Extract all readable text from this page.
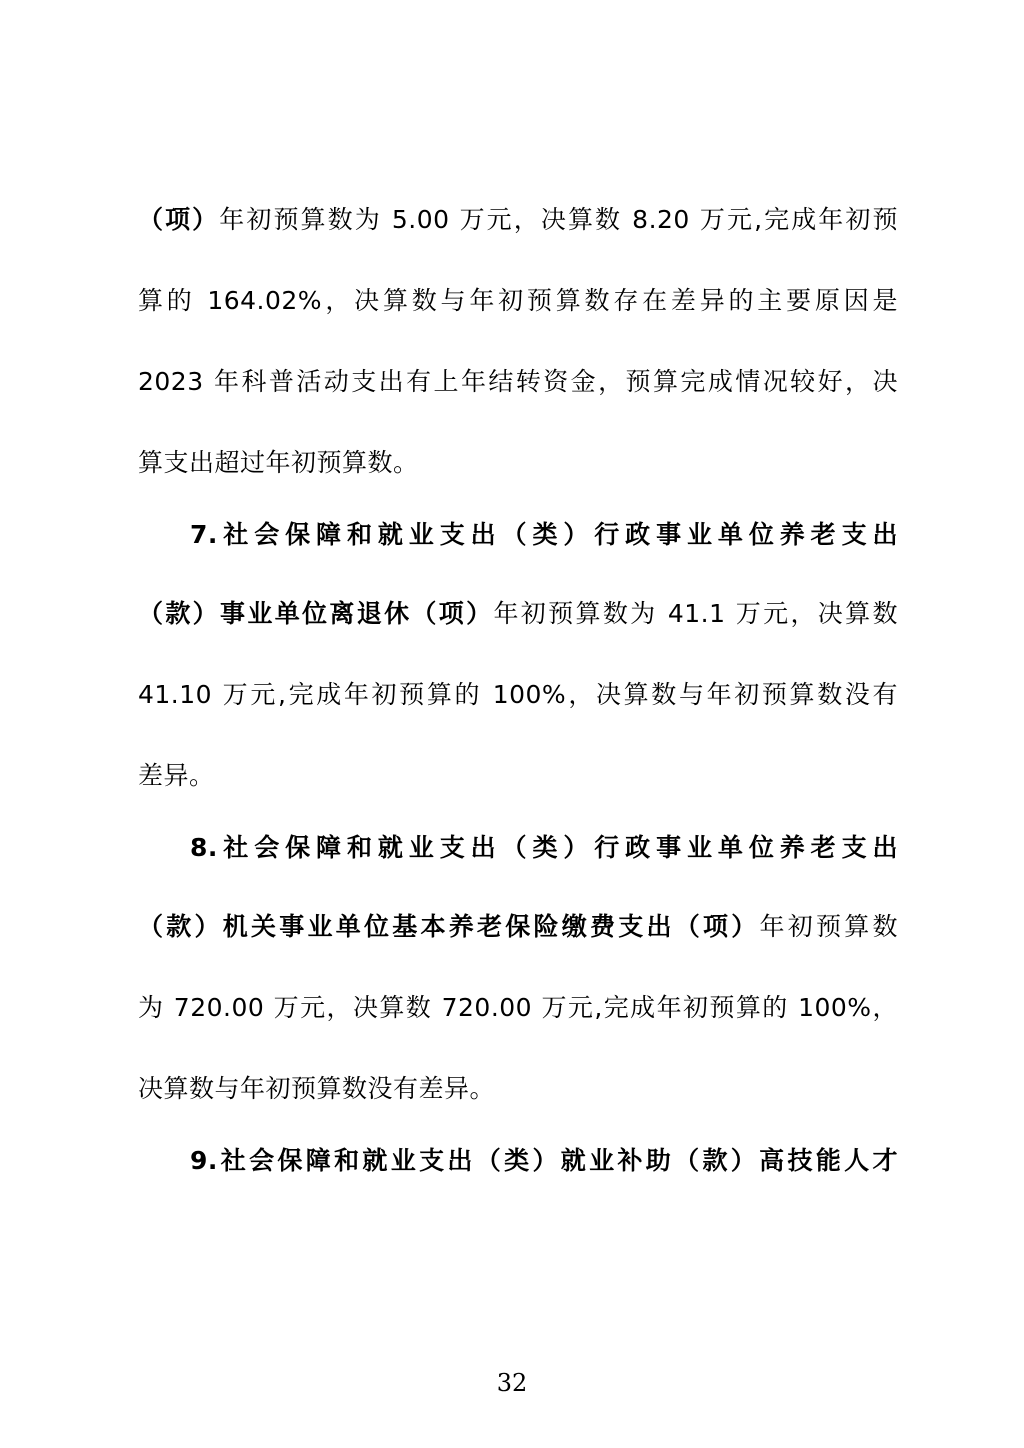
（项）年初预算数为 5.00 万元，决算数 8.20 万元,完成年初预
算的 164.02%，决算数与年初预算数存在差异的主要原因是
2023 年科普活动支出有上年结转资金，预算完成情况较好，决
算支出超过年初预算数。
7.社会保障和就业支出（类）行政事业单位养老支出
（款）事业单位离退休（项）年初预算数为 41.1 万元，决算数
41.10 万元,完成年初预算的 100%，决算数与年初预算数没有
差异。
8.社会保障和就业支出（类）行政事业单位养老支出
（款）机关事业单位基本养老保险缴费支出（项）年初预算数
为 720.00 万元，决算数 720.00 万元,完成年初预算的 100%，
决算数与年初预算数没有差异。
9.社会保障和就业支出（类）就业补助（款）高技能人才
32
